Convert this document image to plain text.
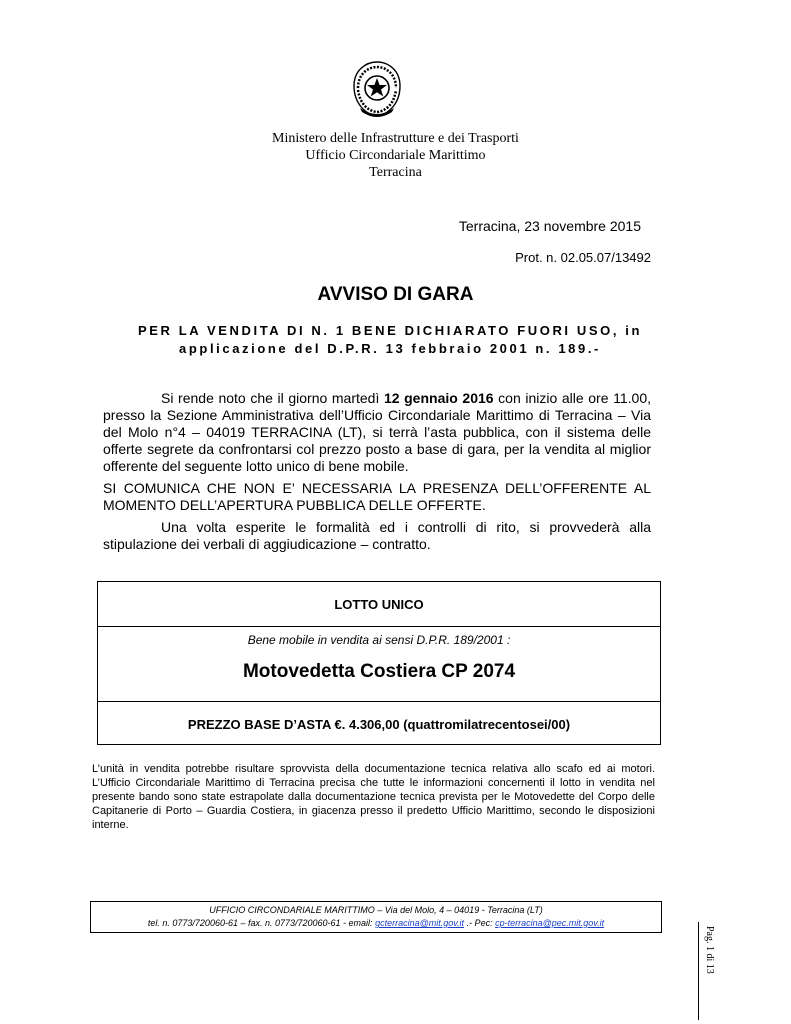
Ministero delle Infrastrutture e dei Trasporti
Ufficio Circondariale Marittimo
Terracina
Terracina, 23 novembre 2015
Prot. n. 02.05.07/13492
AVVISO DI GARA
PER LA VENDITA DI N. 1 BENE DICHIARATO FUORI USO, in
applicazione del D.P.R. 13 febbraio 2001 n. 189.-

Si rende noto che il giorno martedì 12 gennaio 2016 con inizio alle ore 11.00, presso la Sezione Amministrativa dell’Ufficio Circondariale Marittimo di Terracina – Via del Molo n°4 – 04019 TERRACINA (LT), si terrà l’asta pubblica, con il sistema delle offerte segrete da confrontarsi col prezzo posto a base di gara, per la vendita al miglior offerente del seguente lotto unico di bene mobile.

SI COMUNICA CHE NON E’ NECESSARIA LA PRESENZA DELL’OFFERENTE AL MOMENTO DELL’APERTURA PUBBLICA DELLE OFFERTE.

Una volta esperite le formalità ed i controlli di rito, si provvederà alla stipulazione dei verbali di aggiudicazione – contratto.

LOTTO UNICO
Bene mobile in vendita ai sensi D.P.R. 189/2001 :
Motovedetta Costiera CP 2074
PREZZO BASE D’ASTA €. 4.306,00 (quattromilatrecentosei/00)
L’unità in vendita potrebbe risultare sprovvista della documentazione tecnica relativa allo scafo ed ai motori. L’Ufficio Circondariale Marittimo di Terracina precisa che tutte le informazioni concernenti il lotto in vendita nel presente bando sono state estrapolate dalla documentazione tecnica prevista per le Motovedette del Corpo delle Capitanerie di Porto – Guardia Costiera, in giacenza presso il predetto Ufficio Marittimo, secondo le disposizioni interne.
UFFICIO CIRCONDARIALE MARITTIMO – Via del Molo, 4 – 04019 - Terracina (LT)
tel. n. 0773/720060-61 – fax. n. 0773/720060-61 - email: gcterracina@mit.gov.it .- Pec: cp-terracina@pec.mit.gov.it
Pag. 1 di 13
